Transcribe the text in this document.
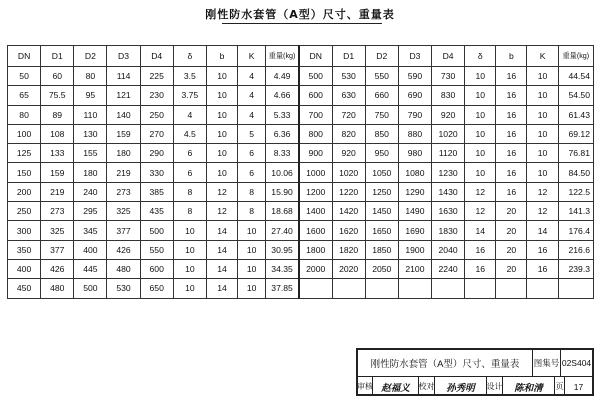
刚性防水套管（A型）尺寸、重量表
DN	D1	D2	D3	D4	δ	b	K	重量(kg)	DN	D1	D2	D3	D4	δ	b	K	重量(kg)
50	60	80	114	225	3.5	10	4	4.49	500	530	550	590	730	10	16	10	44.54
65	75.5	95	121	230	3.75	10	4	4.66	600	630	660	690	830	10	16	10	54.50
80	89	110	140	250	4	10	4	5.33	700	720	750	790	920	10	16	10	61.43
100	108	130	159	270	4.5	10	5	6.36	800	820	850	880	1020	10	16	10	69.12
125	133	155	180	290	6	10	6	8.33	900	920	950	980	1120	10	16	10	76.81
150	159	180	219	330	6	10	6	10.06	1000	1020	1050	1080	1230	10	16	10	84.50
200	219	240	273	385	8	12	8	15.90	1200	1220	1250	1290	1430	12	16	12	122.5
250	273	295	325	435	8	12	8	18.68	1400	1420	1450	1490	1630	12	20	12	141.3
300	325	345	377	500	10	14	10	27.40	1600	1620	1650	1690	1830	14	20	14	176.4
350	377	400	426	550	10	14	10	30.95	1800	1820	1850	1900	2040	16	20	16	216.6
400	426	445	480	600	10	14	10	34.35	2000	2020	2050	2100	2240	16	20	16	239.3
450	480	500	530	650	10	14	10	37.85									
刚性防水套管（A型）尺寸、重量表	图集号 02S404
审核 赵福义	校对	孙秀明	设计	陈和清	页	17
